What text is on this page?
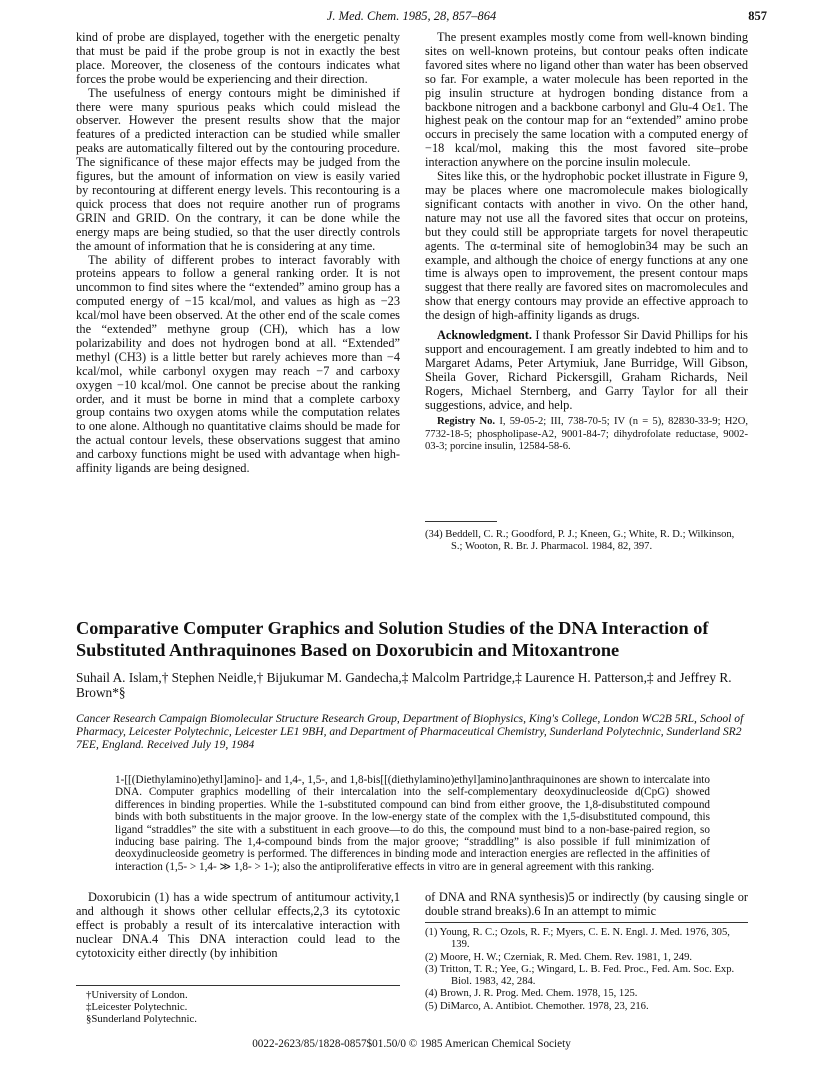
J. Med. Chem. 1985, 28, 857–864	857

kind of probe are displayed, together with the energetic penalty that must be paid if the probe group is not in exactly the best place. Moreover, the closeness of the contours indicates what forces the probe would be experiencing and their direction.

The usefulness of energy contours might be diminished if there were many spurious peaks which could mislead the observer. However the present results show that the major features of a predicted interaction can be studied while smaller peaks are automatically filtered out by the contouring procedure. The significance of these major effects may be judged from the figures, but the amount of information on view is easily varied by recontouring at different energy levels. This recontouring is a quick process that does not require another run of programs GRIN and GRID. On the contrary, it can be done while the energy maps are being studied, so that the user directly controls the amount of information that he is considering at any time.

The ability of different probes to interact favorably with proteins appears to follow a general ranking order. It is not uncommon to find sites where the “extended” amino group has a computed energy of −15 kcal/mol, and values as high as −23 kcal/mol have been observed. At the other end of the scale comes the “extended” methyne group (CH), which has a low polarizability and does not hydrogen bond at all. “Extended” methyl (CH3) is a little better but rarely achieves more than −4 kcal/mol, while carbonyl oxygen may reach −7 and carboxy oxygen −10 kcal/mol. One cannot be precise about the ranking order, and it must be borne in mind that a complete carboxy group contains two oxygen atoms while the computation relates to one alone. Although no quantitative claims should be made for the actual contour levels, these observations suggest that amino and carboxy functions might be used with advantage when high-affinity ligands are being designed.

The present examples mostly come from well-known binding sites on well-known proteins, but contour peaks often indicate favored sites where no ligand other than water has been observed so far. For example, a water molecule has been reported in the pig insulin structure at hydrogen bonding distance from a backbone nitrogen and a backbone carbonyl and Glu-4 Oε1. The highest peak on the contour map for an “extended” amino probe occurs in precisely the same location with a computed energy of −18 kcal/mol, making this the most favored site–probe interaction anywhere on the porcine insulin molecule.

Sites like this, or the hydrophobic pocket illustrate in Figure 9, may be places where one macromolecule makes biologically significant contacts with another in vivo. On the other hand, nature may not use all the favored sites that occur on proteins, but they could still be appropriate targets for novel therapeutic agents. The α-terminal site of hemoglobin34 may be such an example, and although the choice of energy functions at any one time is always open to improvement, the present contour maps suggest that there really are favored sites on macromolecules and show that energy contours may provide an effective approach to the design of high-affinity ligands as drugs.

Acknowledgment. I thank Professor Sir David Phillips for his support and encouragement. I am greatly indebted to him and to Margaret Adams, Peter Artymiuk, Jane Burridge, Will Gibson, Sheila Gover, Richard Pickersgill, Graham Richards, Neil Rogers, Michael Sternberg, and Garry Taylor for all their suggestions, advice, and help.

Registry No. I, 59-05-2; III, 738-70-5; IV (n = 5), 82830-33-9; H2O, 7732-18-5; phospholipase-A2, 9001-84-7; dihydrofolate reductase, 9002-03-3; porcine insulin, 12584-58-6.

(34) Beddell, C. R.; Goodford, P. J.; Kneen, G.; White, R. D.; Wilkinson, S.; Wooton, R. Br. J. Pharmacol. 1984, 82, 397.

Comparative Computer Graphics and Solution Studies of the DNA Interaction of Substituted Anthraquinones Based on Doxorubicin and Mitoxantrone

Suhail A. Islam,† Stephen Neidle,† Bijukumar M. Gandecha,‡ Malcolm Partridge,‡ Laurence H. Patterson,‡ and Jeffrey R. Brown*§

Cancer Research Campaign Biomolecular Structure Research Group, Department of Biophysics, King's College, London WC2B 5RL, School of Pharmacy, Leicester Polytechnic, Leicester LE1 9BH, and Department of Pharmaceutical Chemistry, Sunderland Polytechnic, Sunderland SR2 7EE, England. Received July 19, 1984

1-[[(Diethylamino)ethyl]amino]- and 1,4-, 1,5-, and 1,8-bis[[(diethylamino)ethyl]amino]anthraquinones are shown to intercalate into DNA. Computer graphics modelling of their intercalation into the self-complementary deoxydinucleoside d(CpG) showed differences in binding properties. While the 1-substituted compound can bind from either groove, the 1,8-disubstituted compound binds with both substituents in the major groove. In the low-energy state of the complex with the 1,5-disubstituted compound, this ligand “straddles” the site with a substituent in each groove—to do this, the compound must bind to a non-base-paired region, so inducing base pairing. The 1,4-compound binds from the major groove; “straddling” is also possible if full minimization of deoxydinucleoside geometry is performed. The differences in binding mode and interaction energies are reflected in the affinities of interaction (1,5- > 1,4- ≫ 1,8- > 1-); also the antiproliferative effects in vitro are in general agreement with this ranking.

Doxorubicin (1) has a wide spectrum of antitumour activity,1 and although it shows other cellular effects,2,3 its cytotoxic effect is probably a result of its intercalative interaction with nuclear DNA.4 This DNA interaction could lead to the cytotoxicity either directly (by inhibition

†University of London.

‡Leicester Polytechnic.

§Sunderland Polytechnic.

of DNA and RNA synthesis)5 or indirectly (by causing single or double strand breaks).6 In an attempt to mimic

(1) Young, R. C.; Ozols, R. F.; Myers, C. E. N. Engl. J. Med. 1976, 305, 139.

(2) Moore, H. W.; Czerniak, R. Med. Chem. Rev. 1981, 1, 249.

(3) Tritton, T. R.; Yee, G.; Wingard, L. B. Fed. Proc., Fed. Am. Soc. Exp. Biol. 1983, 42, 284.

(4) Brown, J. R. Prog. Med. Chem. 1978, 15, 125.

(5) DiMarco, A. Antibiot. Chemother. 1978, 23, 216.

0022-2623/85/1828-0857$01.50/0 © 1985 American Chemical Society
